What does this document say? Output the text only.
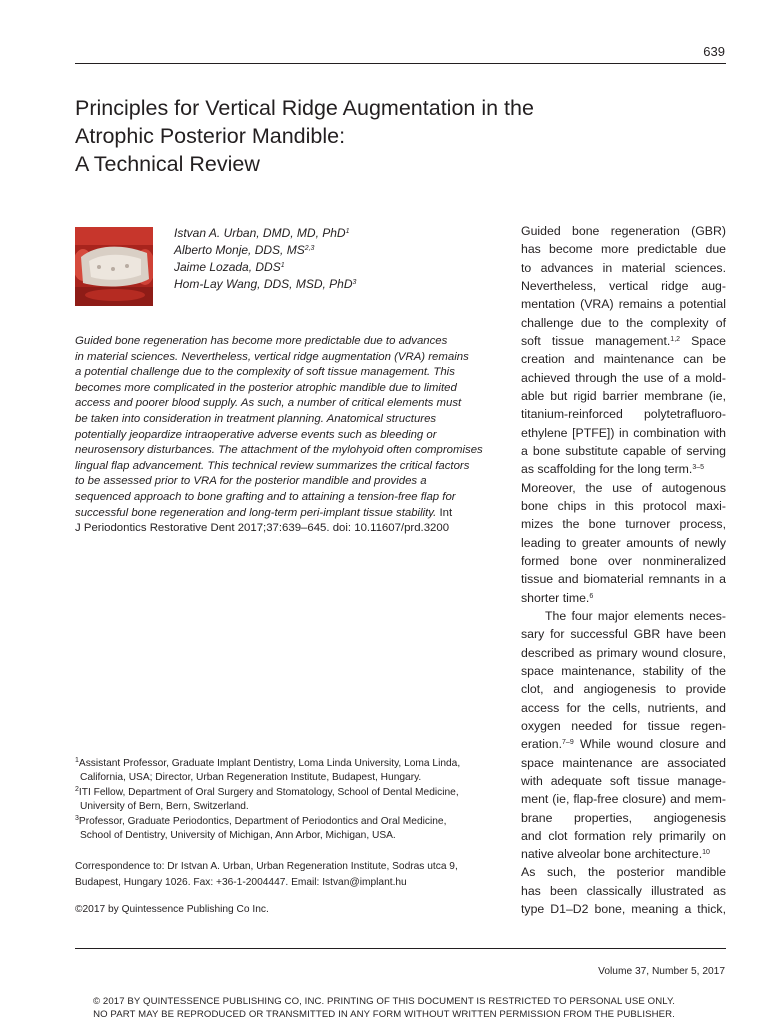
639
Principles for Vertical Ridge Augmentation in the
Atrophic Posterior Mandible:
A Technical Review
Istvan A. Urban, DMD, MD, PhD$^1$
Alberto Monje, DDS, MS$^{2,3}$
Jaime Lozada, DDS$^1$
Hom-Lay Wang, DDS, MSD, PhD$^3$
Guided bone regeneration has become more predictable due to advances
in material sciences. Nevertheless, vertical ridge augmentation (VRA) remains
a potential challenge due to the complexity of soft tissue management. This
becomes more complicated in the posterior atrophic mandible due to limited
access and poorer blood supply. As such, a number of critical elements must
be taken into consideration in treatment planning. Anatomical structures
potentially jeopardize intraoperative adverse events such as bleeding or
neurosensory disturbances. The attachment of the mylohyoid often compromises
lingual flap advancement. This technical review summarizes the critical factors
to be assessed prior to VRA for the posterior mandible and provides a
sequenced approach to bone grafting and to attaining a tension-free flap for
successful bone regeneration and long-term peri-implant tissue stability. Int
J Periodontics Restorative Dent 2017;37:639–645. doi: 10.11607/prd.3200
$^1$Assistant Professor, Graduate Implant Dentistry, Loma Linda University, Loma Linda,
California, USA; Director, Urban Regeneration Institute, Budapest, Hungary.
$^2$ITI Fellow, Department of Oral Surgery and Stomatology, School of Dental Medicine,
University of Bern, Bern, Switzerland.
$^3$Professor, Graduate Periodontics, Department of Periodontics and Oral Medicine,
School of Dentistry, University of Michigan, Ann Arbor, Michigan, USA.
Correspondence to: Dr Istvan A. Urban, Urban Regeneration Institute, Sodras utca 9,
Budapest, Hungary 1026. Fax: +36-1-2004447. Email: Istvan@implant.hu
©2017 by Quintessence Publishing Co Inc.
Guided bone regeneration (GBR)
has become more predictable due
to advances in material sciences.
Nevertheless, vertical ridge aug-
mentation (VRA) remains a potential
challenge due to the complexity of
soft tissue management.$^{1,2}$ Space
creation and maintenance can be
achieved through the use of a mold-
able but rigid barrier membrane (ie,
titanium-reinforced polytetrafluoro-
ethylene [PTFE]) in combination with
a bone substitute capable of serving
as scaffolding for the long term.$^{3-5}$
Moreover, the use of autogenous
bone chips in this protocol maxi-
mizes the bone turnover process,
leading to greater amounts of newly
formed bone over nonmineralized
tissue and biomaterial remnants in a
shorter time.$^6$
The four major elements neces-
sary for successful GBR have been
described as primary wound closure,
space maintenance, stability of the
clot, and angiogenesis to provide
access for the cells, nutrients, and
oxygen needed for tissue regen-
eration.$^{7-9}$ While wound closure and
space maintenance are associated
with adequate soft tissue manage-
ment (ie, flap-free closure) and mem-
brane properties, angiogenesis
and clot formation rely primarily on
native alveolar bone architecture.$^{10}$
As such, the posterior mandible
has been classically illustrated as
type D1–D2 bone, meaning a thick,
Volume 37, Number 5, 2017
© 2017 BY QUINTESSENCE PUBLISHING CO, INC. PRINTING OF THIS DOCUMENT IS RESTRICTED TO PERSONAL USE ONLY.
NO PART MAY BE REPRODUCED OR TRANSMITTED IN ANY FORM WITHOUT WRITTEN PERMISSION FROM THE PUBLISHER.
